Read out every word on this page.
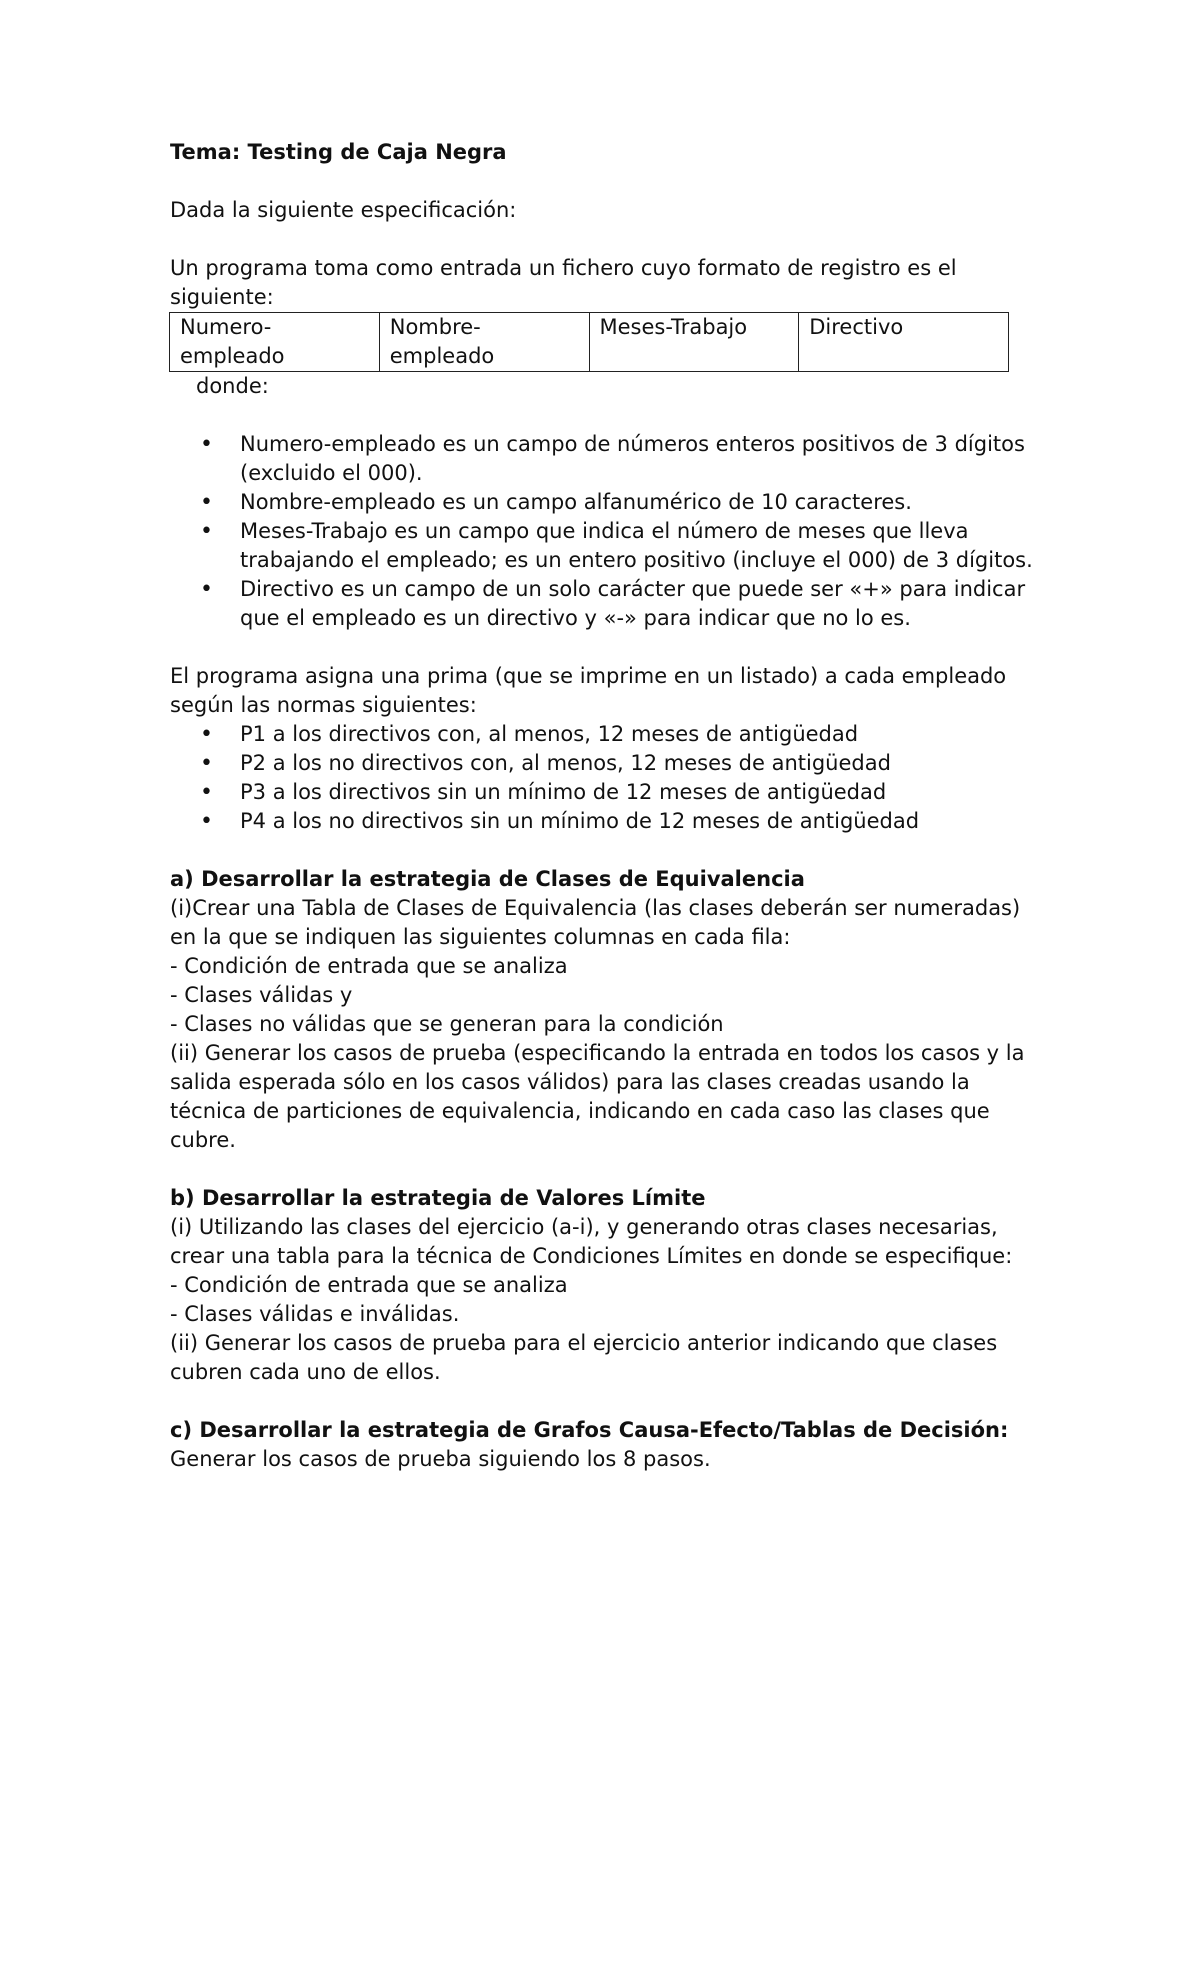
Tema: Testing de Caja Negra

Dada la siguiente especificación:

Un programa toma como entrada un fichero cuyo formato de registro es el siguiente:

Numero-empleado	Nombre-empleado	Meses-Trabajo	Directivo

donde:

• Numero-empleado es un campo de números enteros positivos de 3 dígitos (excluido el 000).
• Nombre-empleado es un campo alfanumérico de 10 caracteres.
• Meses-Trabajo es un campo que indica el número de meses que lleva trabajando el empleado; es un entero positivo (incluye el 000) de 3 dígitos.
• Directivo es un campo de un solo carácter que puede ser «+» para indicar que el empleado es un directivo y «-» para indicar que no lo es.

El programa asigna una prima (que se imprime en un listado) a cada empleado según las normas siguientes:

• P1 a los directivos con, al menos, 12 meses de antigüedad
• P2 a los no directivos con, al menos, 12 meses de antigüedad
• P3 a los directivos sin un mínimo de 12 meses de antigüedad
• P4 a los no directivos sin un mínimo de 12 meses de antigüedad

a) Desarrollar la estrategia de Clases de Equivalencia

(i)Crear una Tabla de Clases de Equivalencia (las clases deberán ser numeradas) en la que se indiquen las siguientes columnas en cada fila:

- Condición de entrada que se analiza

- Clases válidas y

- Clases no válidas que se generan para la condición

(ii) Generar los casos de prueba (especificando la entrada en todos los casos y la salida esperada sólo en los casos válidos) para las clases creadas usando la técnica de particiones de equivalencia, indicando en cada caso las clases que cubre.

b) Desarrollar la estrategia de Valores Límite

(i) Utilizando las clases del ejercicio (a-i), y generando otras clases necesarias, crear una tabla para la técnica de Condiciones Límites en donde se especifique:

- Condición de entrada que se analiza

- Clases válidas e inválidas.

(ii) Generar los casos de prueba para el ejercicio anterior indicando que clases cubren cada uno de ellos.

c) Desarrollar la estrategia de Grafos Causa-Efecto/Tablas de Decisión:

Generar los casos de prueba siguiendo los 8 pasos.
